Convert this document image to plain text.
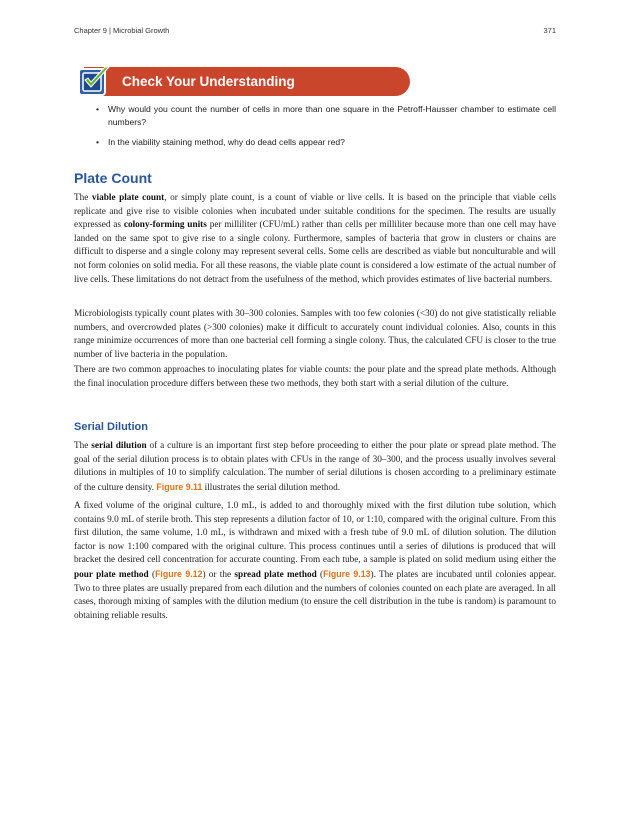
Chapter 9 | Microbial Growth	371
Check Your Understanding
• Why would you count the number of cells in more than one square in the Petroff-Hausser chamber to estimate cell numbers?
• In the viability staining method, why do dead cells appear red?
Plate Count

The viable plate count, or simply plate count, is a count of viable or live cells. It is based on the principle that viable cells replicate and give rise to visible colonies when incubated under suitable conditions for the specimen. The results are usually expressed as colony-forming units per milliliter (CFU/mL) rather than cells per milliliter because more than one cell may have landed on the same spot to give rise to a single colony. Furthermore, samples of bacteria that grow in clusters or chains are difficult to disperse and a single colony may represent several cells. Some cells are described as viable but nonculturable and will not form colonies on solid media. For all these reasons, the viable plate count is considered a low estimate of the actual number of live cells. These limitations do not detract from the usefulness of the method, which provides estimates of live bacterial numbers.

Microbiologists typically count plates with 30–300 colonies. Samples with too few colonies (<30) do not give statistically reliable numbers, and overcrowded plates (>300 colonies) make it difficult to accurately count individual colonies. Also, counts in this range minimize occurrences of more than one bacterial cell forming a single colony. Thus, the calculated CFU is closer to the true number of live bacteria in the population.

There are two common approaches to inoculating plates for viable counts: the pour plate and the spread plate methods. Although the final inoculation procedure differs between these two methods, they both start with a serial dilution of the culture.

Serial Dilution

The serial dilution of a culture is an important first step before proceeding to either the pour plate or spread plate method. The goal of the serial dilution process is to obtain plates with CFUs in the range of 30–300, and the process usually involves several dilutions in multiples of 10 to simplify calculation. The number of serial dilutions is chosen according to a preliminary estimate of the culture density. Figure 9.11 illustrates the serial dilution method.

A fixed volume of the original culture, 1.0 mL, is added to and thoroughly mixed with the first dilution tube solution, which contains 9.0 mL of sterile broth. This step represents a dilution factor of 10, or 1:10, compared with the original culture. From this first dilution, the same volume, 1.0 mL, is withdrawn and mixed with a fresh tube of 9.0 mL of dilution solution. The dilution factor is now 1:100 compared with the original culture. This process continues until a series of dilutions is produced that will bracket the desired cell concentration for accurate counting. From each tube, a sample is plated on solid medium using either the pour plate method (Figure 9.12) or the spread plate method (Figure 9.13). The plates are incubated until colonies appear. Two to three plates are usually prepared from each dilution and the numbers of colonies counted on each plate are averaged. In all cases, thorough mixing of samples with the dilution medium (to ensure the cell distribution in the tube is random) is paramount to obtaining reliable results.
